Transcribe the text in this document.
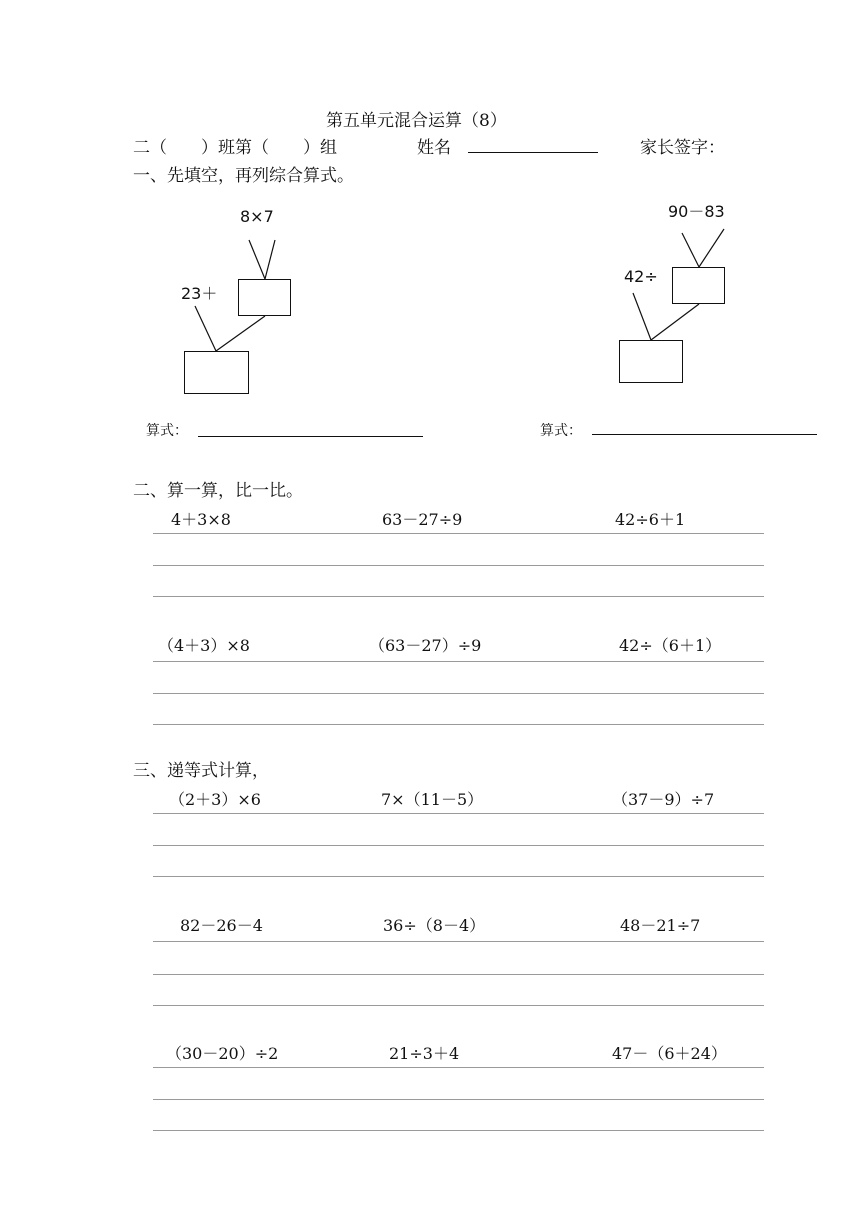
第五单元混合运算（8）
二（　　）班第（　　）组	姓名	家长签字：
一、先填空，再列综合算式。
8×7
23＋
90－83
42÷
算式：	算式：
二、算一算，比一比。
4＋3×8	63－27÷9	42÷6＋1
（4＋3）×8	（63－27）÷9	42÷（6＋1）
三、递等式计算，
（2＋3）×6	7×（11－5）	（37－9）÷7
82－26－4	36÷（8－4）	48－21÷7
（30－20）÷2	21÷3＋4	47－（6＋24）
